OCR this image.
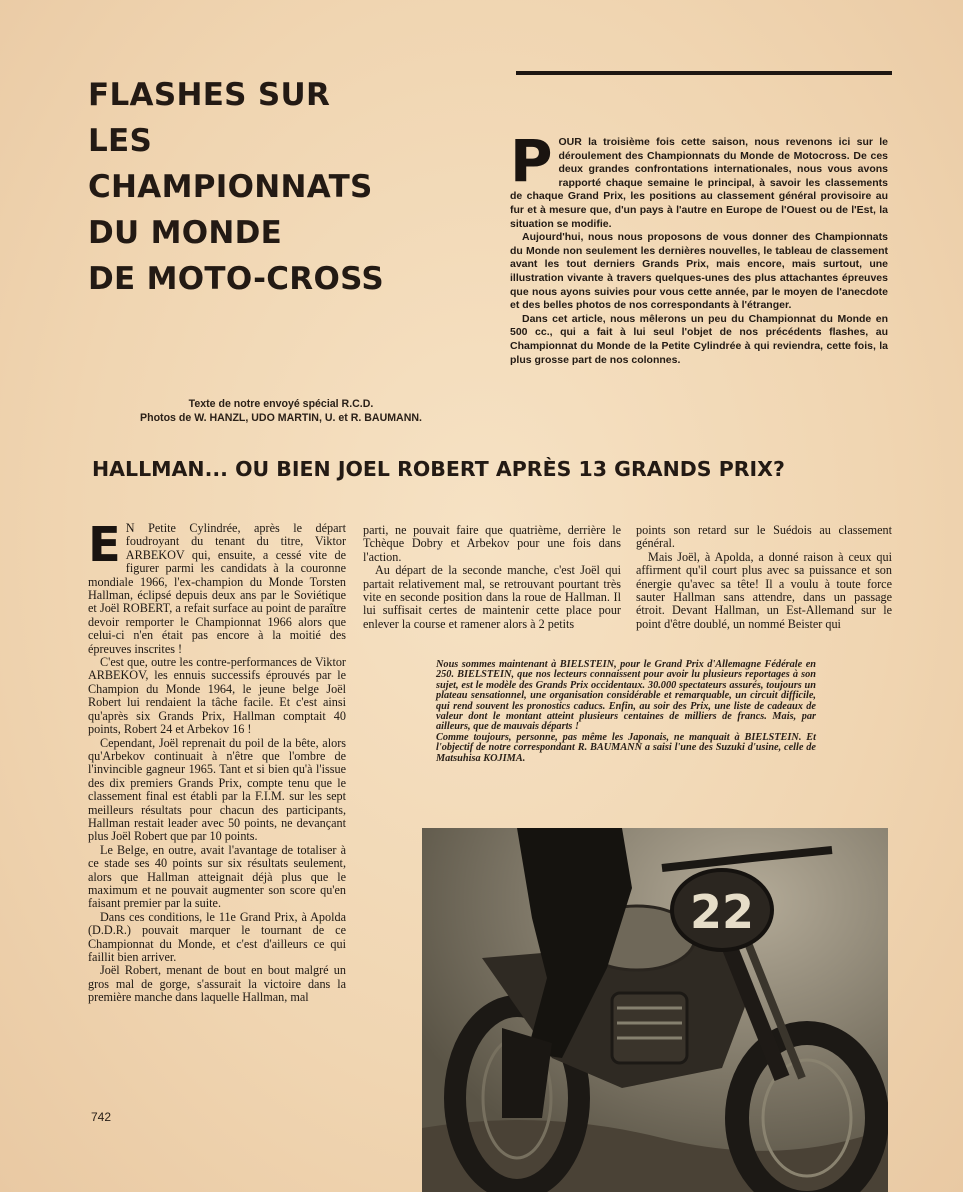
FLASHES SUR
LES
CHAMPIONNATS
DU MONDE
DE MOTO-CROSS
Texte de notre envoyé spécial R.C.D.
Photos de W. HANZL, UDO MARTIN, U. et R. BAUMANN.
P OUR la troisième fois cette saison, nous revenons ici sur le déroulement des Championnats du Monde de Motocross. De ces deux grandes confrontations internationales, nous vous avons rapporté chaque semaine le principal, à savoir les classements de chaque Grand Prix, les positions au classement général provisoire au fur et à mesure que, d'un pays à l'autre en Europe de l'Ouest ou de l'Est, la situation se modifie.

Aujourd'hui, nous nous proposons de vous donner des Championnats du Monde non seulement les dernières nouvelles, le tableau de classement avant les tout derniers Grands Prix, mais encore, mais surtout, une illustration vivante à travers quelques-unes des plus attachantes épreuves que nous ayons suivies pour vous cette année, par le moyen de l'anecdote et des belles photos de nos correspondants à l'étranger.

Dans cet article, nous mêlerons un peu du Championnat du Monde en 500 cc., qui a fait à lui seul l'objet de nos précédents flashes, au Championnat du Monde de la Petite Cylindrée à qui reviendra, cette fois, la plus grosse part de nos colonnes.

HALLMAN... OU BIEN JOEL ROBERT APRÈS 13 GRANDS PRIX?
E N Petite Cylindrée, après le départ foudroyant du tenant du titre, Viktor ARBEKOV qui, ensuite, a cessé vite de figurer parmi les candidats à la couronne mondiale 1966, l'ex-champion du Monde Torsten Hallman, éclipsé depuis deux ans par le Soviétique et Joël ROBERT, a refait surface au point de paraître devoir remporter le Championnat 1966 alors que celui-ci n'en était pas encore à la moitié des épreuves inscrites !

C'est que, outre les contre-performances de Viktor ARBEKOV, les ennuis successifs éprouvés par le Champion du Monde 1964, le jeune belge Joël Robert lui rendaient la tâche facile. Et c'est ainsi qu'après six Grands Prix, Hallman comptait 40 points, Robert 24 et Arbekov 16 !

Cependant, Joël reprenait du poil de la bête, alors qu'Arbekov continuait à n'être que l'ombre de l'invincible gagneur 1965. Tant et si bien qu'à l'issue des dix premiers Grands Prix, compte tenu que le classement final est établi par la F.I.M. sur les sept meilleurs résultats pour chacun des participants, Hallman restait leader avec 50 points, ne devançant plus Joël Robert que par 10 points.

Le Belge, en outre, avait l'avantage de totaliser à ce stade ses 40 points sur six résultats seulement, alors que Hallman atteignait déjà plus que le maximum et ne pouvait augmenter son score qu'en faisant premier par la suite.

Dans ces conditions, le 11e Grand Prix, à Apolda (D.D.R.) pouvait marquer le tournant de ce Championnat du Monde, et c'est d'ailleurs ce qui faillit bien arriver.

Joël Robert, menant de bout en bout malgré un gros mal de gorge, s'assurait la victoire dans la première manche dans laquelle Hallman, mal

parti, ne pouvait faire que quatrième, derrière le Tchèque Dobry et Arbekov pour une fois dans l'action.

Au départ de la seconde manche, c'est Joël qui partait relativement mal, se retrouvant pourtant très vite en seconde position dans la roue de Hallman. Il lui suffisait certes de maintenir cette place pour enlever la course et ramener alors à 2 petits

points son retard sur le Suédois au classement général.

Mais Joël, à Apolda, a donné raison à ceux qui affirment qu'il court plus avec sa puissance et son énergie qu'avec sa tête! Il a voulu à toute force sauter Hallman sans attendre, dans un passage étroit. Devant Hallman, un Est-Allemand sur le point d'être doublé, un nommé Beister qui

Nous sommes maintenant à BIELSTEIN, pour le Grand Prix d'Allemagne Fédérale en 250. BIELSTEIN, que nos lecteurs connaissent pour avoir lu plusieurs reportages à son sujet, est le modèle des Grands Prix occidentaux. 30.000 spectateurs assurés, toujours un plateau sensationnel, une organisation considérable et remarquable, un circuit difficile, qui rend souvent les pronostics caducs. Enfin, au soir des Prix, une liste de cadeaux de valeur dont le montant atteint plusieurs centaines de milliers de francs. Mais, par ailleurs, que de mauvais départs !

Comme toujours, personne, pas même les Japonais, ne manquait à BIELSTEIN. Et l'objectif de notre correspondant R. BAUMANN a saisi l'une des Suzuki d'usine, celle de Matsuhisa KOJIMA.

22
742
